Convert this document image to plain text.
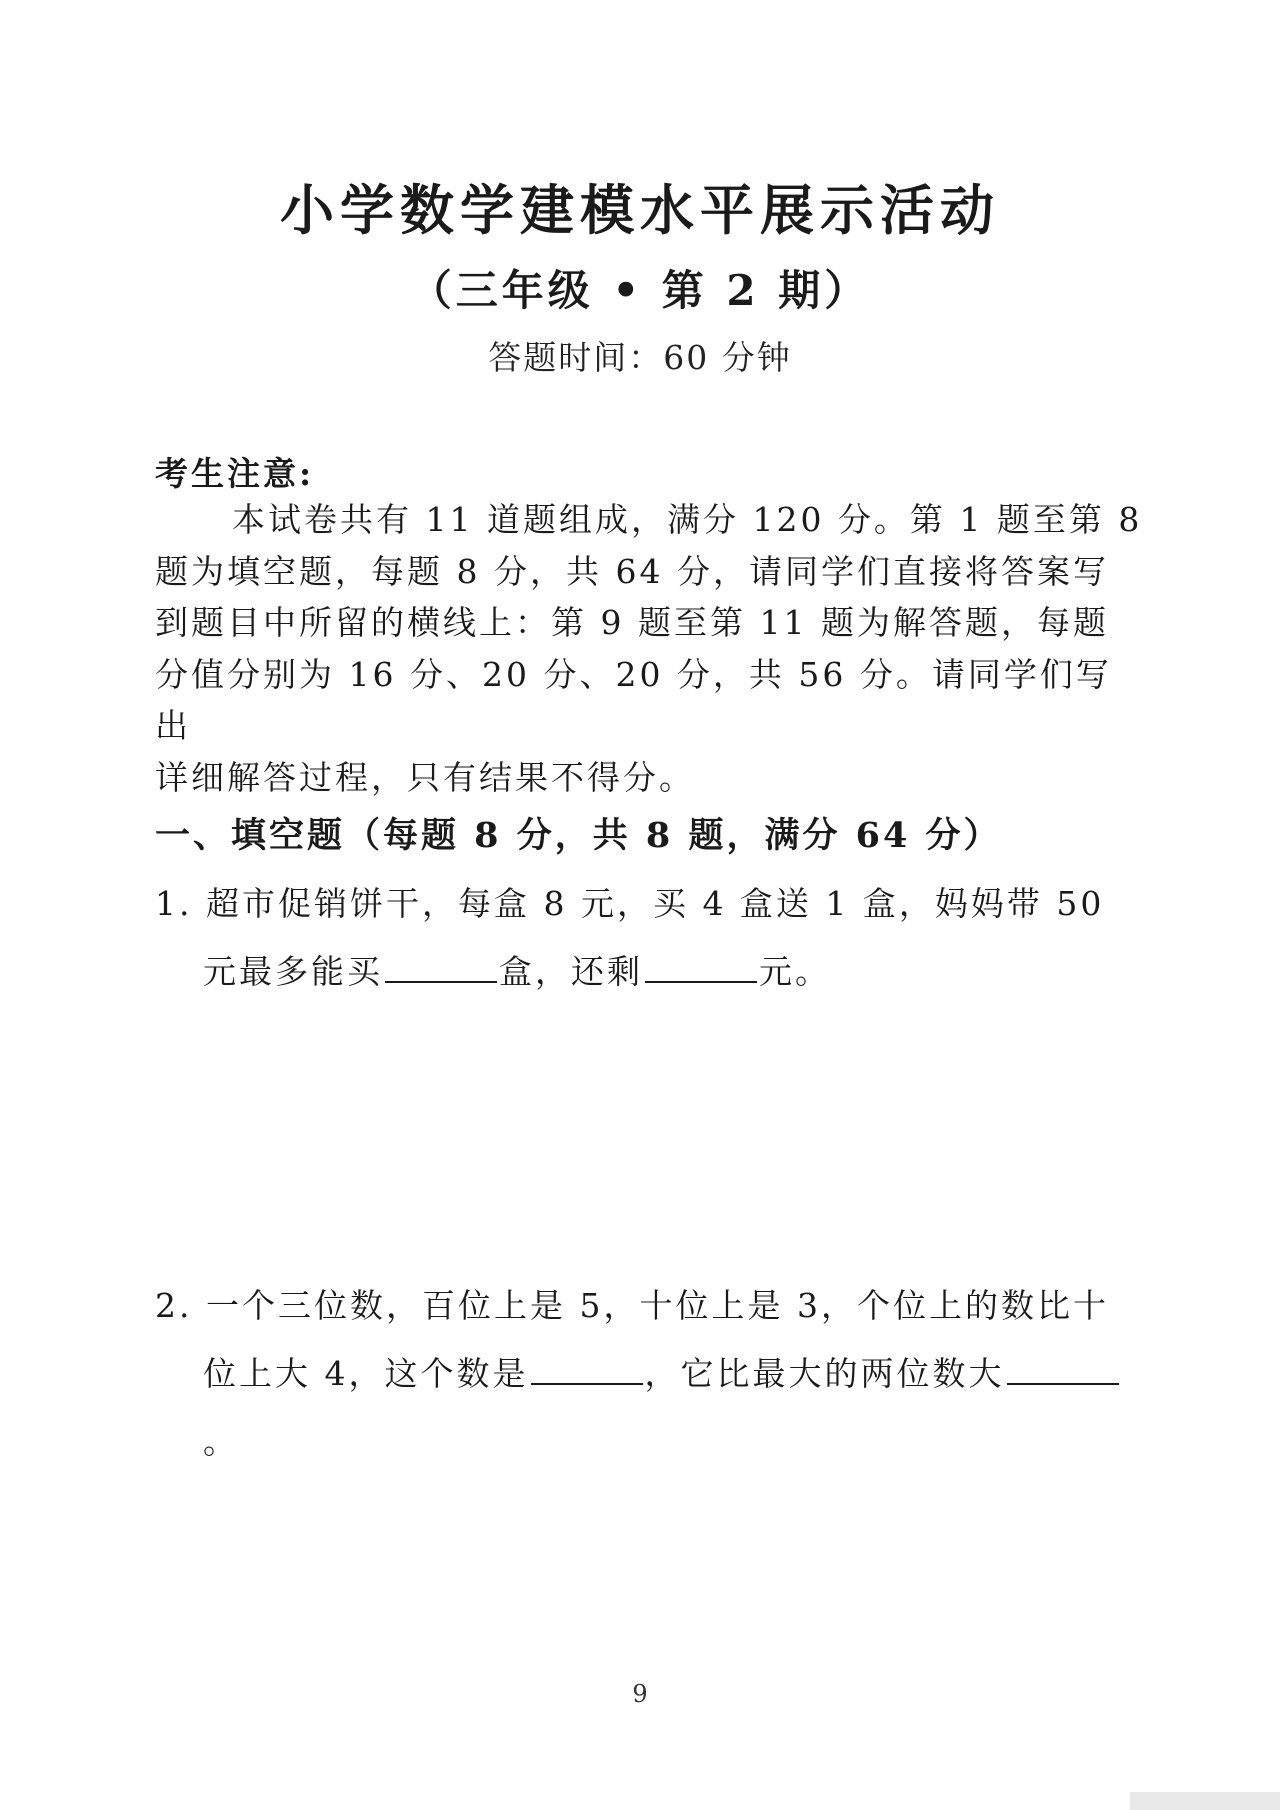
小学数学建模水平展示活动
（三年级 • 第 2 期）
答题时间：60 分钟
考生注意:
本试卷共有 11 道题组成，满分 120 分。第 1 题至第 8
题为填空题，每题 8 分，共 64 分，请同学们直接将答案写
到题目中所留的横线上：第 9 题至第 11 题为解答题，每题
分值分别为 16 分、20 分、20 分，共 56 分。请同学们写出
详细解答过程，只有结果不得分。
一、填空题（每题 8 分，共 8 题，满分 64 分）
1. 超市促销饼干，每盒 8 元，买 4 盒送 1 盒，妈妈带 50
元最多能买	盒，还剩	元。
2. 一个三位数，百位上是 5，十位上是 3，个位上的数比十
位上大 4，这个数是	，它比最大的两位数大。
9
